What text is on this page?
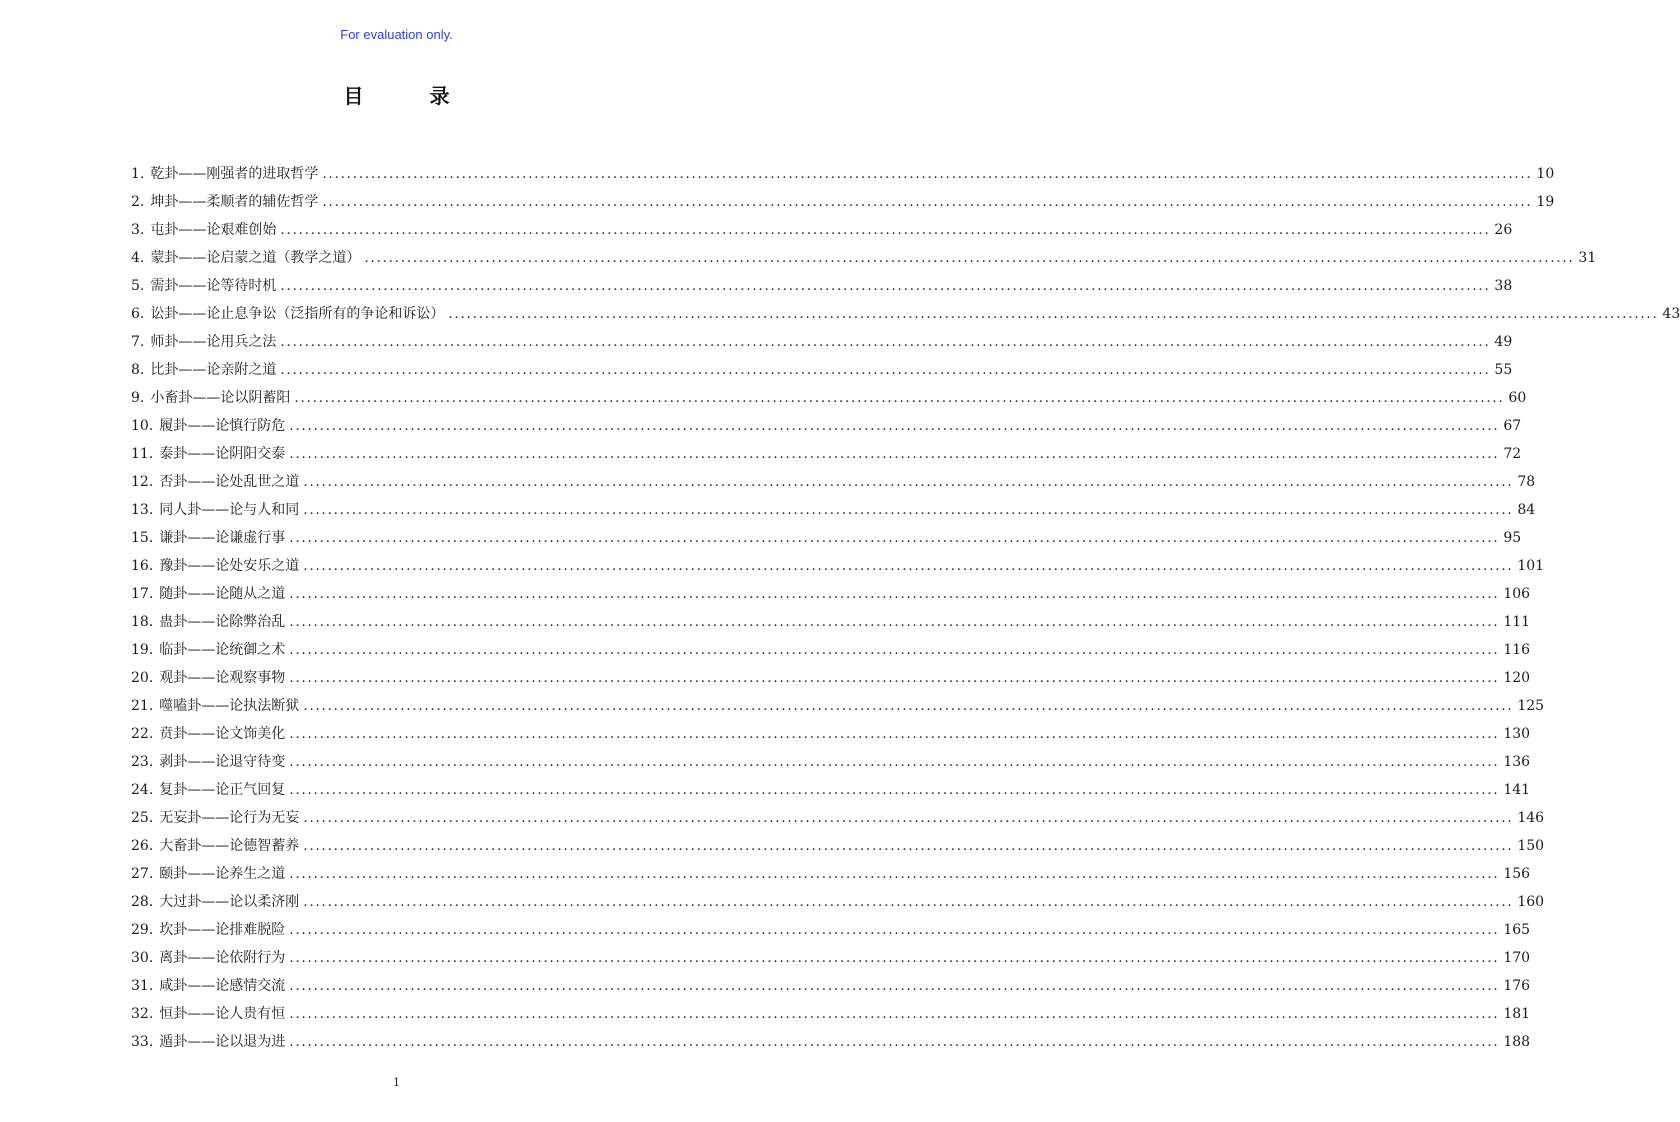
For evaluation only.
目录
1. 乾卦——刚强者的进取哲学 ........................................................................................................................................................................................................ 10
2. 坤卦——柔顺者的辅佐哲学 ........................................................................................................................................................................................................ 19
3. 屯卦——论艰难创始 ........................................................................................................................................................................................................ 26
4. 蒙卦——论启蒙之道（教学之道） ........................................................................................................................................................................................................ 31
5. 需卦——论等待时机 ........................................................................................................................................................................................................ 38
6. 讼卦——论止息争讼（泛指所有的争论和诉讼） ........................................................................................................................................................................................................ 43
7. 师卦——论用兵之法 ........................................................................................................................................................................................................ 49
8. 比卦——论亲附之道 ........................................................................................................................................................................................................ 55
9. 小畜卦——论以阴蓄阳 ........................................................................................................................................................................................................ 60
10. 履卦——论慎行防危 ........................................................................................................................................................................................................ 67
11. 泰卦——论阴阳交泰 ........................................................................................................................................................................................................ 72
12. 否卦——论处乱世之道 ........................................................................................................................................................................................................ 78
13. 同人卦——论与人和同 ........................................................................................................................................................................................................ 84
15. 谦卦——论谦虚行事 ........................................................................................................................................................................................................ 95
16. 豫卦——论处安乐之道 ........................................................................................................................................................................................................ 101
17. 随卦——论随从之道 ........................................................................................................................................................................................................ 106
18. 蛊卦——论除弊治乱 ........................................................................................................................................................................................................ 111
19. 临卦——论统御之术 ........................................................................................................................................................................................................ 116
20. 观卦——论观察事物 ........................................................................................................................................................................................................ 120
21. 噬嗑卦——论执法断狱 ........................................................................................................................................................................................................ 125
22. 贲卦——论文饰美化 ........................................................................................................................................................................................................ 130
23. 剥卦——论退守待变 ........................................................................................................................................................................................................ 136
24. 复卦——论正气回复 ........................................................................................................................................................................................................ 141
25. 无妄卦——论行为无妄 ........................................................................................................................................................................................................ 146
26. 大畜卦——论德智蓄养 ........................................................................................................................................................................................................ 150
27. 颐卦——论养生之道 ........................................................................................................................................................................................................ 156
28. 大过卦——论以柔济刚 ........................................................................................................................................................................................................ 160
29. 坎卦——论排难脱险 ........................................................................................................................................................................................................ 165
30. 离卦——论依附行为 ........................................................................................................................................................................................................ 170
31. 咸卦——论感情交流 ........................................................................................................................................................................................................ 176
32. 恒卦——论人贵有恒 ........................................................................................................................................................................................................ 181
33. 遁卦——论以退为进 ........................................................................................................................................................................................................ 188
1
